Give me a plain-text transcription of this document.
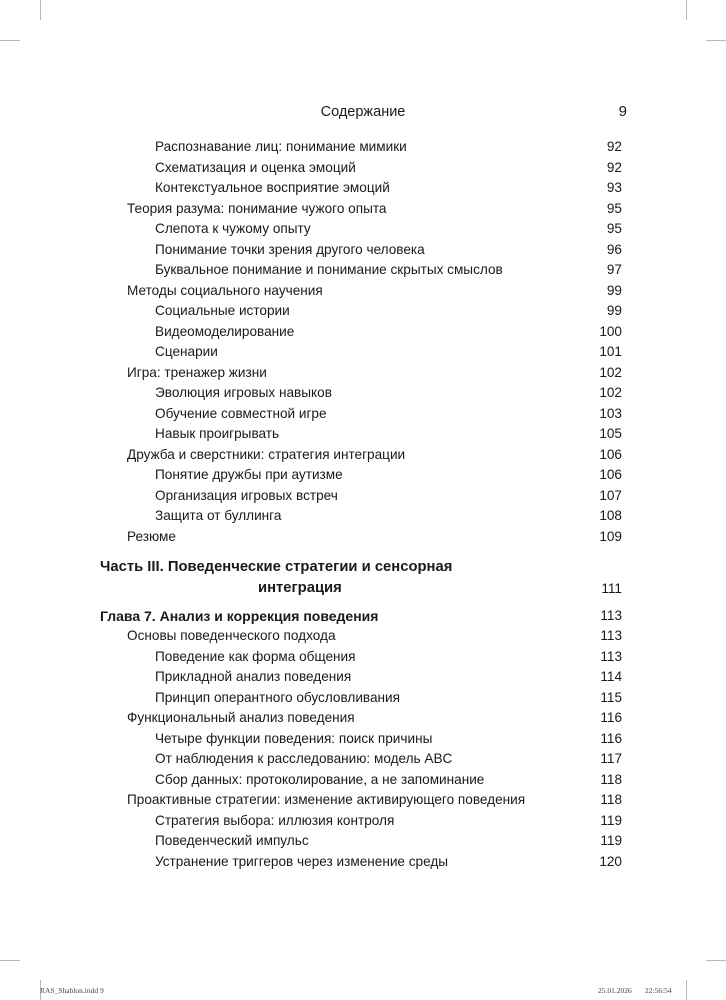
Содержание	9
Распознавание лиц: понимание мимики	92
Схематизация и оценка эмоций	92
Контекстуальное восприятие эмоций	93
Теория разума: понимание чужого опыта	95
Слепота к чужому опыту	95
Понимание точки зрения другого человека	96
Буквальное понимание и понимание скрытых смыслов	97
Методы социального научения	99
Социальные истории	99
Видеомоделирование	100
Сценарии	101
Игра: тренажер жизни	102
Эволюция игровых навыков	102
Обучение совместной игре	103
Навык проигрывать	105
Дружба и сверстники: стратегия интеграции	106
Понятие дружбы при аутизме	106
Организация игровых встреч	107
Защита от буллинга	108
Резюме	109
Часть III. Поведенческие стратегии и сенсорная
интеграция	111
Глава 7. Анализ и коррекция поведения	113
Основы поведенческого подхода	113
Поведение как форма общения	113
Прикладной анализ поведения	114
Принцип оперантного обусловливания	115
Функциональный анализ поведения	116
Четыре функции поведения: поиск причины	116
От наблюдения к расследованию: модель ABC	117
Сбор данных: протоколирование, а не запоминание	118
Проактивные стратегии: изменение активирующего поведения	118
Стратегия выбора: иллюзия контроля	119
Поведенческий импульс	119
Устранение триггеров через изменение среды	120
RAS_Shablon.indd 9	25.01.2026 22:56:54
